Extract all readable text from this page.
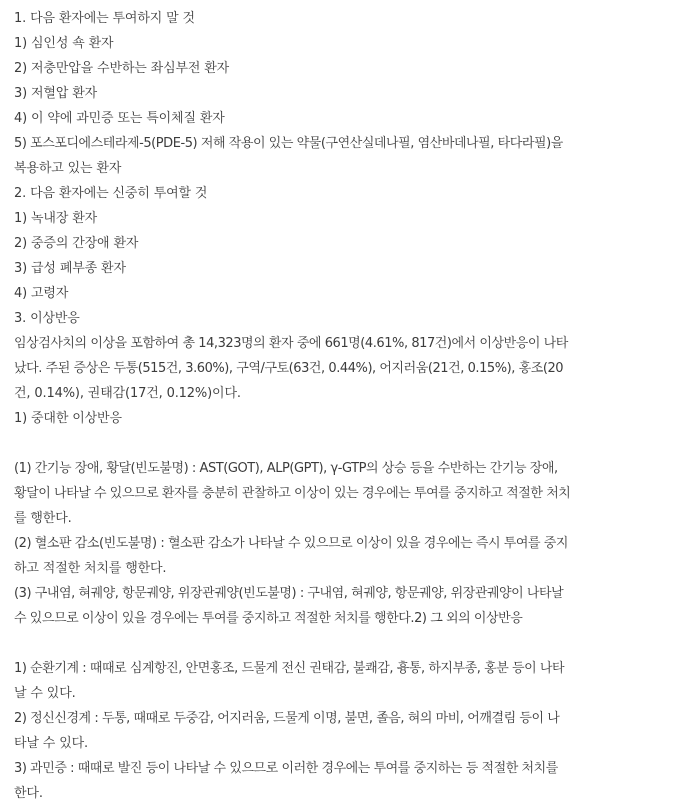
1. 다음 환자에는 투여하지 말 것
1) 심인성 쇽 환자
2) 저충만압을 수반하는 좌심부전 환자
3) 저혈압 환자
4) 이 약에 과민증 또는 특이체질 환자
5) 포스포디에스테라제-5(PDE-5) 저해 작용이 있는 약물(구연산실데나필, 염산바데나필, 타다라필)을
복용하고 있는 환자
2. 다음 환자에는 신중히 투여할 것
1) 녹내장 환자
2) 중증의 간장애 환자
3) 급성 폐부종 환자
4) 고령자
3. 이상반응
임상검사치의 이상을 포함하여 총 14,323명의 환자 중에 661명(4.61%, 817건)에서 이상반응이 나타
났다. 주된 증상은 두통(515건, 3.60%), 구역/구토(63건, 0.44%), 어지러움(21건, 0.15%), 홍조(20
건, 0.14%), 권태감(17건, 0.12%)이다.
1) 중대한 이상반응
(1) 간기능 장애, 황달(빈도불명) : AST(GOT), ALP(GPT), γ-GTP의 상승 등을 수반하는 간기능 장애,
황달이 나타날 수 있으므로 환자를 충분히 관찰하고 이상이 있는 경우에는 투여를 중지하고 적절한 처치
를 행한다.
(2) 혈소판 감소(빈도불명) : 혈소판 감소가 나타날 수 있으므로 이상이 있을 경우에는 즉시 투여를 중지
하고 적절한 처치를 행한다.
(3) 구내염, 혀궤양, 항문궤양, 위장관궤양(빈도불명) : 구내염, 혀궤양, 항문궤양, 위장관궤양이 나타날
수 있으므로 이상이 있을 경우에는 투여를 중지하고 적절한 처치를 행한다.2) 그 외의 이상반응
1) 순환기계 : 때때로 심계항진, 안면홍조, 드물게 전신 권태감, 불쾌감, 흉통, 하지부종, 홍분 등이 나타
날 수 있다.
2) 정신신경계 : 두통, 때때로 두중감, 어지러움, 드물게 이명, 불면, 졸음, 혀의 마비, 어깨결림 등이 나
타날 수 있다.
3) 과민증 : 때때로 발진 등이 나타날 수 있으므로 이러한 경우에는 투여를 중지하는 등 적절한 처치를
한다.
